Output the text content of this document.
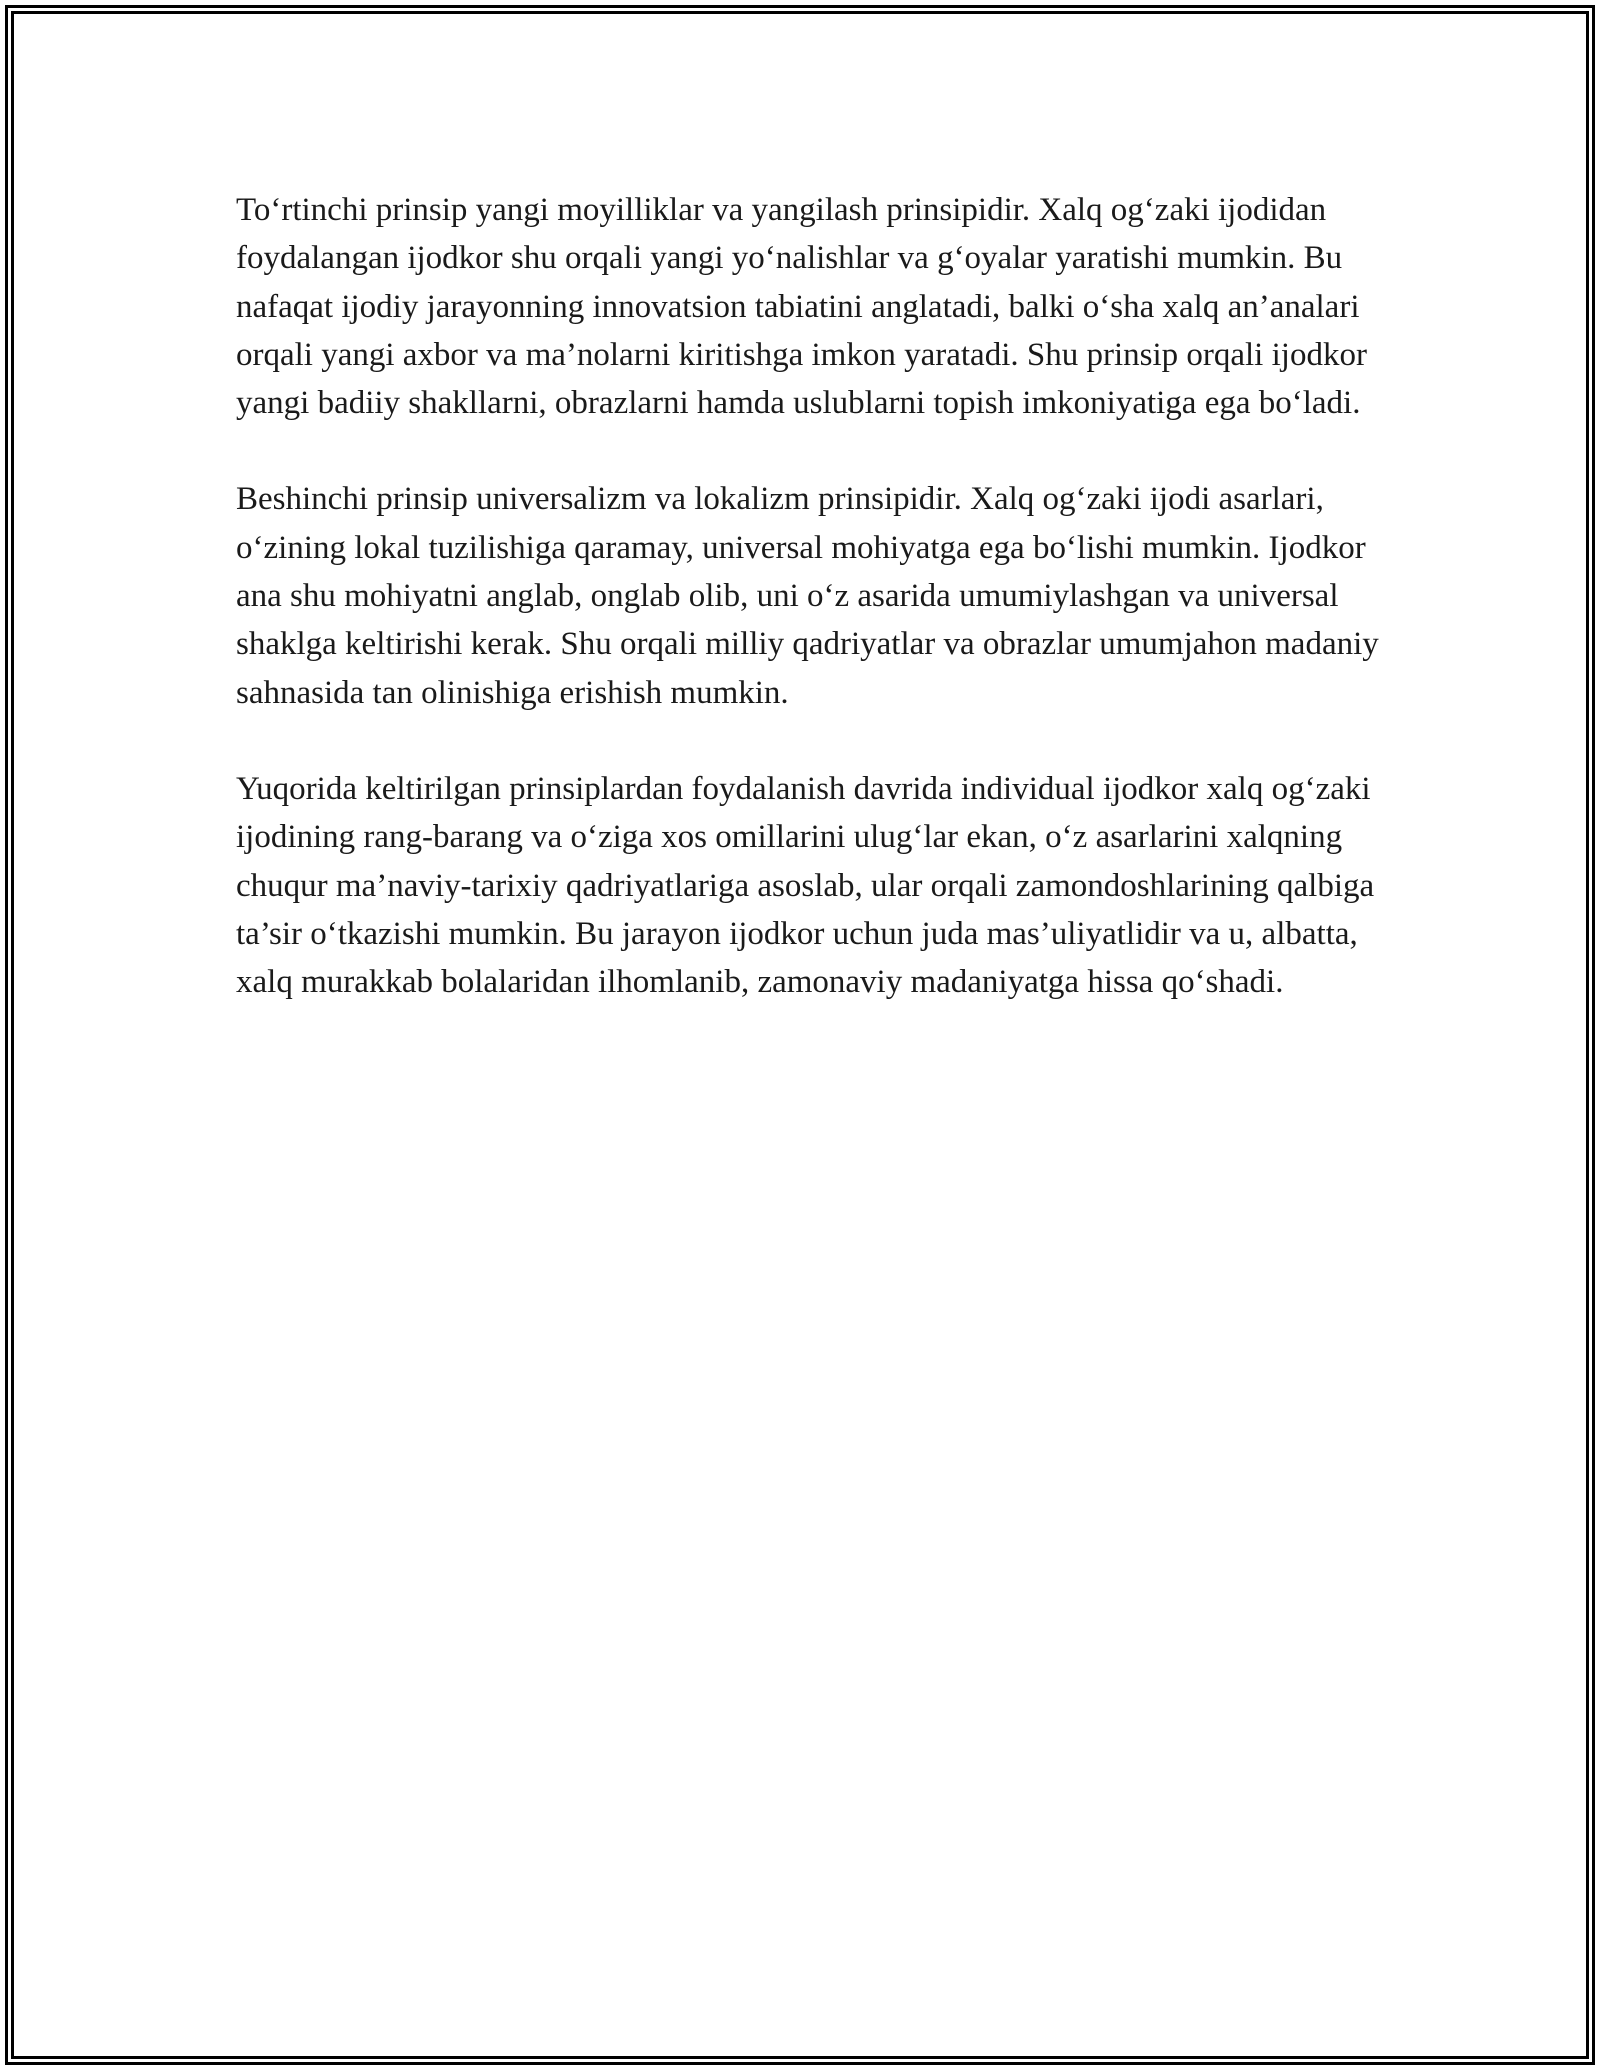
To‘rtinchi prinsip yangi moyilliklar va yangilash prinsipidir. Xalq og‘zaki ijodidan foydalangan ijodkor shu orqali yangi yo‘nalishlar va g‘oyalar yaratishi mumkin. Bu nafaqat ijodiy jarayonning innovatsion tabiatini anglatadi, balki o‘sha xalq an’analari orqali yangi axbor va ma’nolarni kiritishga imkon yaratadi. Shu prinsip orqali ijodkor yangi badiiy shakllarni, obrazlarni hamda uslublarni topish imkoniyatiga ega bo‘ladi.

Beshinchi prinsip universalizm va lokalizm prinsipidir. Xalq og‘zaki ijodi asarlari, o‘zining lokal tuzilishiga qaramay, universal mohiyatga ega bo‘lishi mumkin. Ijodkor ana shu mohiyatni anglab, onglab olib, uni o‘z asarida umumiylashgan va universal shaklga keltirishi kerak. Shu orqali milliy qadriyatlar va obrazlar umumjahon madaniy sahnasida tan olinishiga erishish mumkin.

Yuqorida keltirilgan prinsiplardan foydalanish davrida individual ijodkor xalq og‘zaki ijodining rang-barang va o‘ziga xos omillarini ulug‘lar ekan, o‘z asarlarini xalqning chuqur ma’naviy-tarixiy qadriyatlariga asoslab, ular orqali zamondoshlarining qalbiga ta’sir o‘tkazishi mumkin. Bu jarayon ijodkor uchun juda mas’uliyatlidir va u, albatta, xalq murakkab bolalaridan ilhomlanib, zamonaviy madaniyatga hissa qo‘shadi.
